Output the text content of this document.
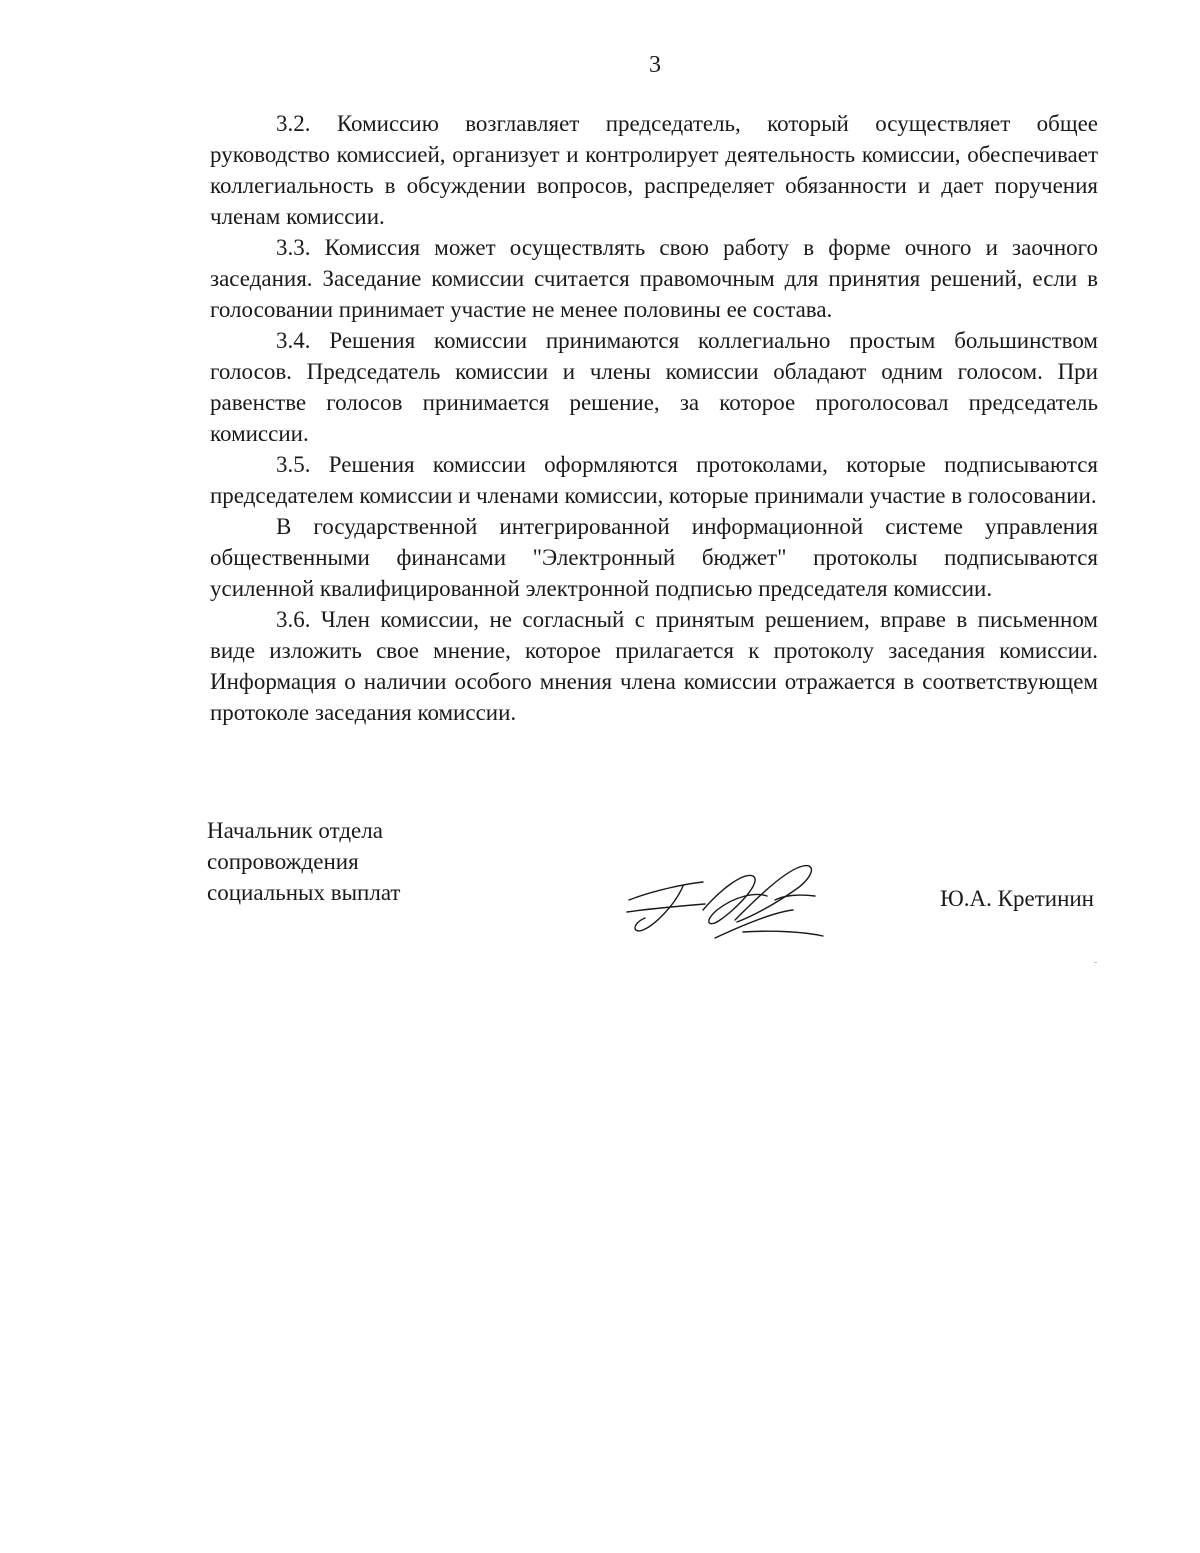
3

3.2. Комиссию возглавляет председатель, который осуществляет общее руководство комиссией, организует и контролирует деятельность комиссии, обеспечивает коллегиальность в обсуждении вопросов, распределяет обязанности и дает поручения членам комиссии.

3.3. Комиссия может осуществлять свою работу в форме очного и заочного заседания. Заседание комиссии считается правомочным для принятия решений, если в голосовании принимает участие не менее половины ее состава.

3.4. Решения комиссии принимаются коллегиально простым большинством голосов. Председатель комиссии и члены комиссии обладают одним голосом. При равенстве голосов принимается решение, за которое проголосовал председатель комиссии.

3.5. Решения комиссии оформляются протоколами, которые подписываются председателем комиссии и членами комиссии, которые принимали участие в голосовании.

В государственной интегрированной информационной системе управления общественными финансами "Электронный бюджет" протоколы подписываются усиленной квалифицированной электронной подписью председателя комиссии.

3.6. Член комиссии, не согласный с принятым решением, вправе в письменном виде изложить свое мнение, которое прилагается к протоколу заседания комиссии. Информация о наличии особого мнения члена комиссии отражается в соответствующем протоколе заседания комиссии.

Начальник отдела
сопровождения
социальных выплат	Ю.А. Кретинин
